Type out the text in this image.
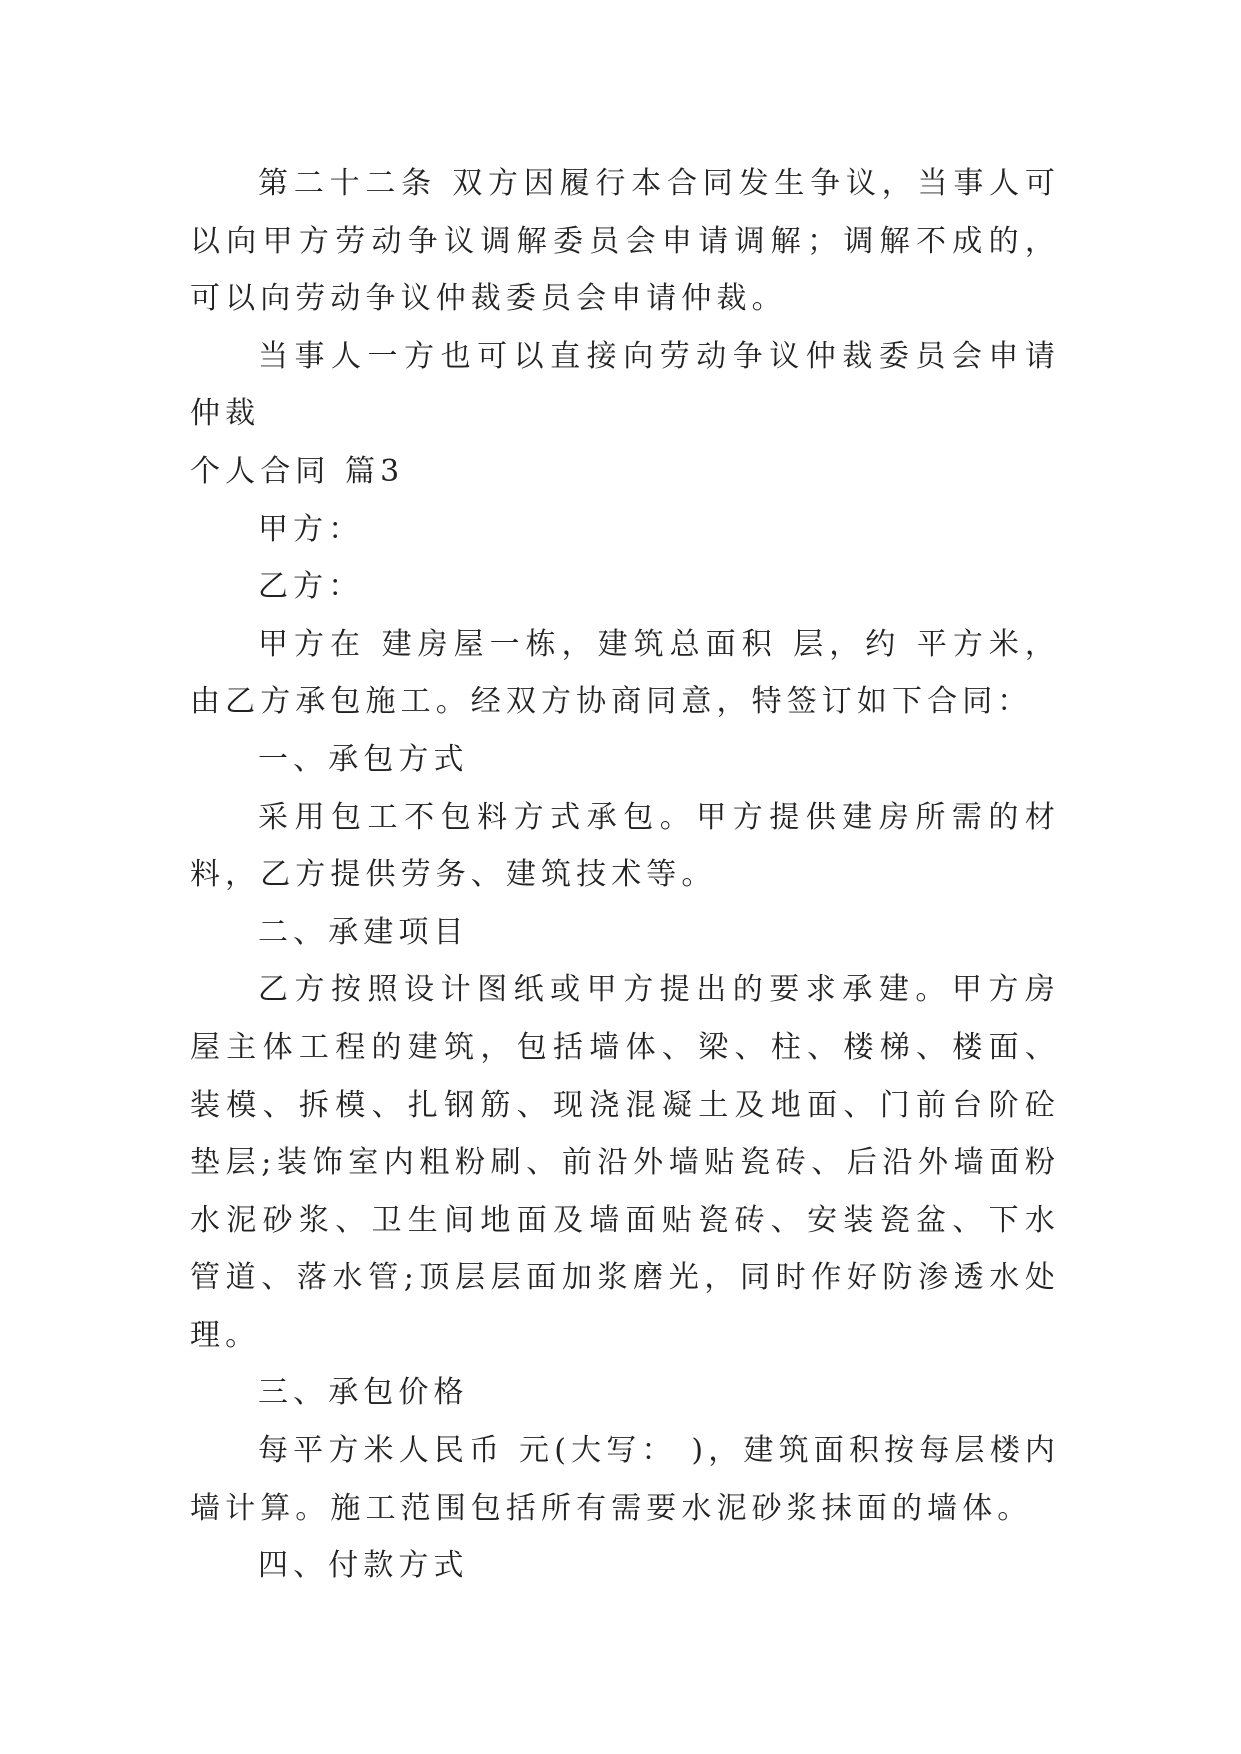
第二十二条 双方因履行本合同发生争议，当事人可以向甲方劳动争议调解委员会申请调解；调解不成的，可以向劳动争议仲裁委员会申请仲裁。

当事人一方也可以直接向劳动争议仲裁委员会申请仲裁

个人合同 篇3

甲方：

乙方：

甲方在 建房屋一栋，建筑总面积 层，约 平方米，由乙方承包施工。经双方协商同意，特签订如下合同：

一、承包方式

采用包工不包料方式承包。甲方提供建房所需的材料，乙方提供劳务、建筑技术等。

二、承建项目

乙方按照设计图纸或甲方提出的要求承建。甲方房屋主体工程的建筑，包括墙体、梁、柱、楼梯、楼面、装模、拆模、扎钢筋、现浇混凝土及地面、门前台阶砼垫层;装饰室内粗粉刷、前沿外墙贴瓷砖、后沿外墙面粉水泥砂浆、卫生间地面及墙面贴瓷砖、安装瓷盆、下水管道、落水管;顶层层面加浆磨光，同时作好防渗透水处理。

三、承包价格

每平方米人民币 元(大写： )，建筑面积按每层楼内墙计算。施工范围包括所有需要水泥砂浆抹面的墙体。

四、付款方式
